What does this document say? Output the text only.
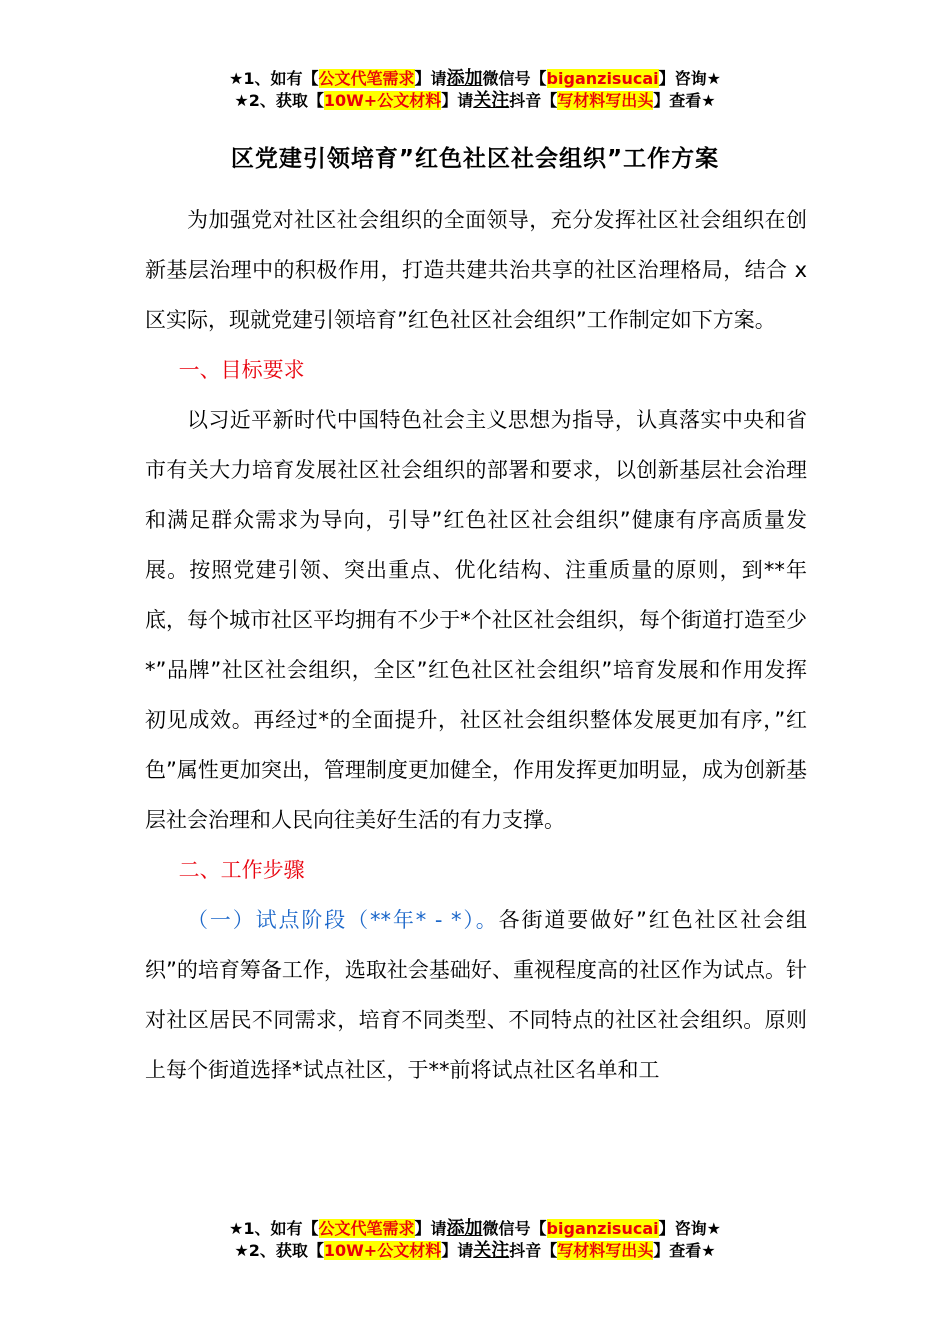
★1、如有【公文代笔需求】请添加微信号【biganzisucai】咨询★
★2、获取【10W+公文材料】请关注抖音【写材料写出头】查看★
区党建引领培育”红色社区社会组织”工作方案

为加强党对社区社会组织的全面领导，充分发挥社区社会组织在创新基层治理中的积极作用，打造共建共治共享的社区治理格局，结合 x 区实际，现就党建引领培育”红色社区社会组织”工作制定如下方案。

一、目标要求

以习近平新时代中国特色社会主义思想为指导，认真落实中央和省市有关大力培育发展社区社会组织的部署和要求，以创新基层社会治理和满足群众需求为导向，引导”红色社区社会组织”健康有序高质量发展。按照党建引领、突出重点、优化结构、注重质量的原则，到**年底，每个城市社区平均拥有不少于*个社区社会组织，每个街道打造至少*”品牌”社区社会组织，全区”红色社区社会组织”培育发展和作用发挥初见成效。再经过*的全面提升，社区社会组织整体发展更加有序，”红色”属性更加突出，管理制度更加健全，作用发挥更加明显，成为创新基层社会治理和人民向往美好生活的有力支撑。

二、工作步骤

（一）试点阶段（**年* - *）。各街道要做好”红色社区社会组织”的培育筹备工作，选取社会基础好、重视程度高的社区作为试点。针对社区居民不同需求，培育不同类型、不同特点的社区社会组织。原则上每个街道选择*试点社区，于**前将试点社区名单和工

★1、如有【公文代笔需求】请添加微信号【biganzisucai】咨询★
★2、获取【10W+公文材料】请关注抖音【写材料写出头】查看★
